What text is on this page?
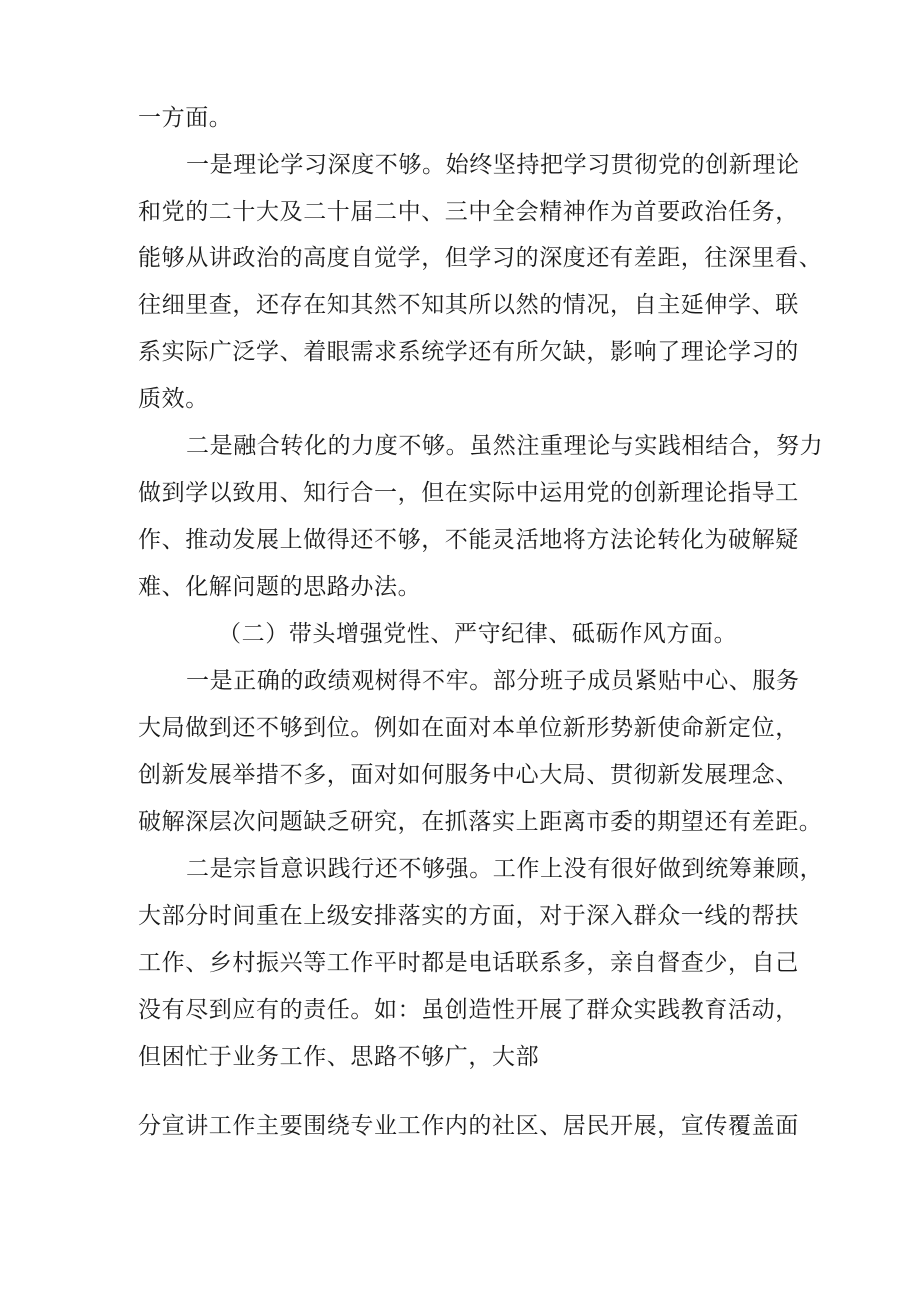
一方面。
一是理论学习深度不够。始终坚持把学习贯彻党的创新理论
和党的二十大及二十届二中、三中全会精神作为首要政治任务，
能够从讲政治的高度自觉学，但学习的深度还有差距，往深里看、
往细里查，还存在知其然不知其所以然的情况，自主延伸学、联
系实际广泛学、着眼需求系统学还有所欠缺，影响了理论学习的
质效。
二是融合转化的力度不够。虽然注重理论与实践相结合，努力
做到学以致用、知行合一，但在实际中运用党的创新理论指导工
作、推动发展上做得还不够，不能灵活地将方法论转化为破解疑
难、化解问题的思路办法。
（二）带头增强党性、严守纪律、砥砺作风方面。
一是正确的政绩观树得不牢。部分班子成员紧贴中心、服务
大局做到还不够到位。例如在面对本单位新形势新使命新定位，
创新发展举措不多，面对如何服务中心大局、贯彻新发展理念、
破解深层次问题缺乏研究，在抓落实上距离市委的期望还有差距。
二是宗旨意识践行还不够强。工作上没有很好做到统筹兼顾，
大部分时间重在上级安排落实的方面，对于深入群众一线的帮扶
工作、乡村振兴等工作平时都是电话联系多，亲自督查少，自己
没有尽到应有的责任。如：虽创造性开展了群众实践教育活动，
但困忙于业务工作、思路不够广，大部
分宣讲工作主要围绕专业工作内的社区、居民开展，宣传覆盖面
